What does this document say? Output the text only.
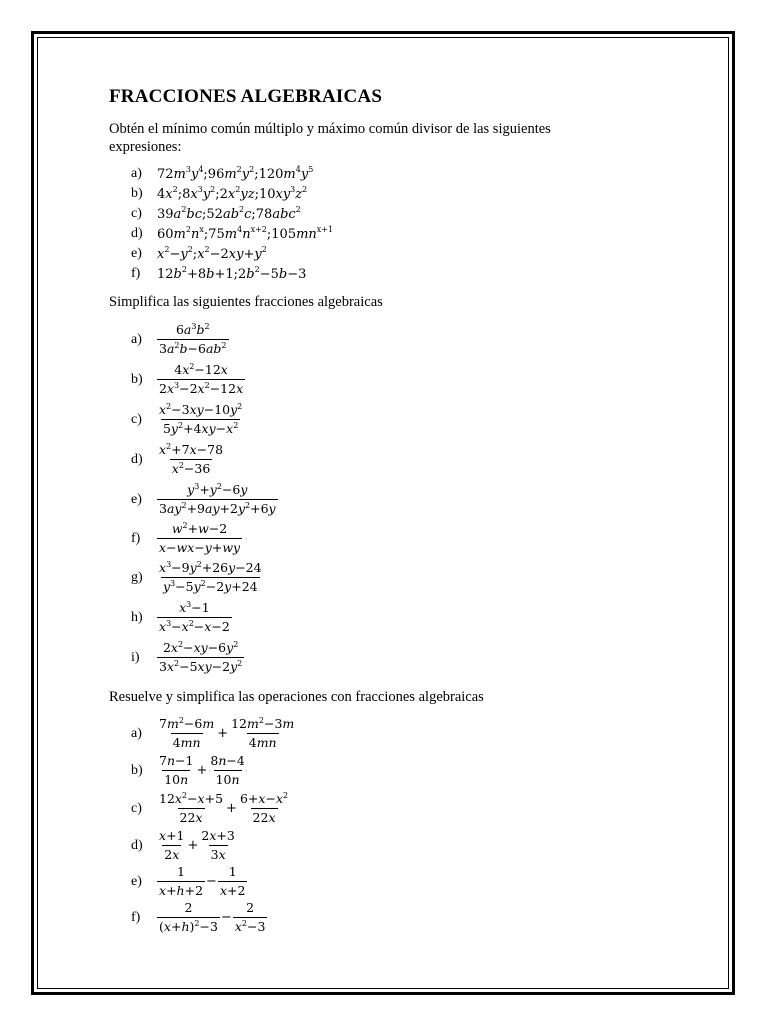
FRACCIONES ALGEBRAICAS
Obtén el mínimo común múltiplo y máximo común divisor de las siguientes expresiones:
a)	$72m^3y^4;96m^2y^2;120m^4y^5$
b)	$4x^2;8x^3y^2;2x^2yz;10xy^3z^2$
c)	$39a^2bc;52ab^2c;78abc^2$
d)	$60m^2n^x;75m^4n^{x+2};105mn^{x+1}$
e)	$x^2-y^2;x^2-2xy+y^2$
f)	$12b^2+8b+1;2b^2-5b-3$
Simplifica las siguientes fracciones algebraicas
a)	$\frac{6a^3b^2}{3a^2b-6ab^2}$
b)	$\frac{4x^2-12x}{2x^3-2x^2-12x}$
c)	$\frac{x^2-3xy-10y^2}{5y^2+4xy-x^2}$
d)	$\frac{x^2+7x-78}{x^2-36}$
e)	$\frac{y^3+y^2-6y}{3ay^2+9ay+2y^2+6y}$
f)	$\frac{w^2+w-2}{x-wx-y+wy}$
g)	$\frac{x^3-9y^2+26y-24}{y^3-5y^2-2y+24}$
h)	$\frac{x^3-1}{x^3-x^2-x-2}$
i)	$\frac{2x^2-xy-6y^2}{3x^2-5xy-2y^2}$
Resuelve y simplifica las operaciones con fracciones algebraicas
a)	$\frac{7m^2-6m}{4mn} + \frac{12m^2-3m}{4mn}$
b)	$\frac{7n-1}{10n} + \frac{8n-4}{10n}$
c)	$\frac{12x^2-x+5}{22x} + \frac{6+x-x^2}{22x}$
d)	$\frac{x+1}{2x} + \frac{2x+3}{3x}$
e)	$\frac{1}{x+h+2} - \frac{1}{x+2}$
f)	$\frac{2}{(x+h)^2-3} - \frac{2}{x^2-3}$
